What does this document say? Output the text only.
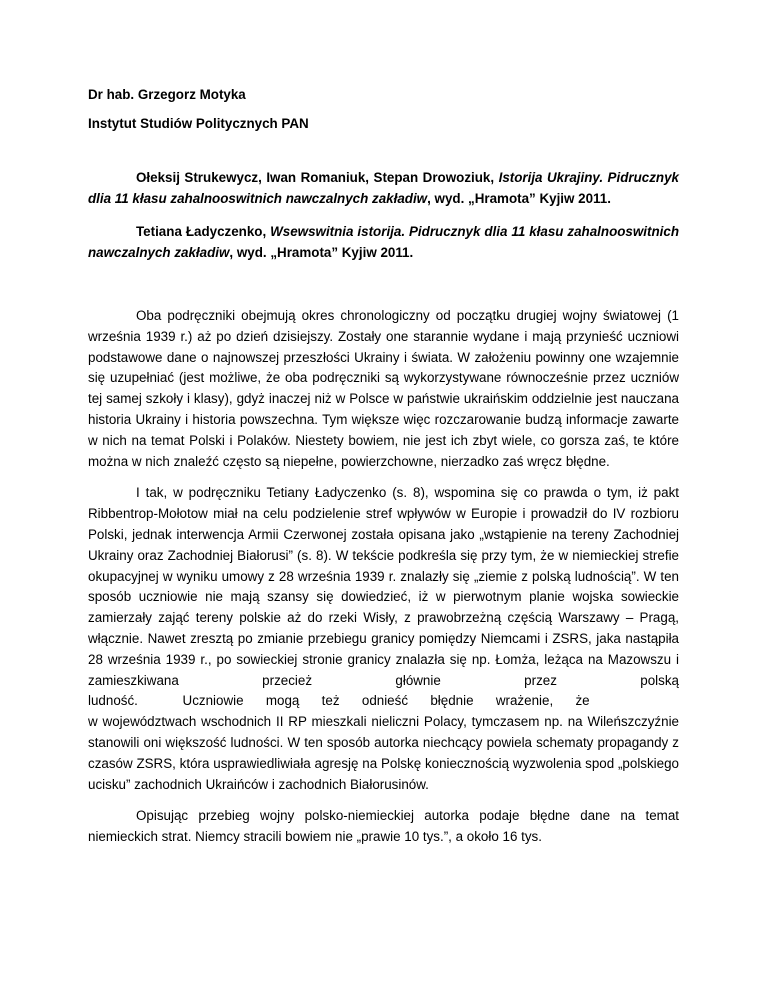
Dr hab. Grzegorz Motyka

Instytut Studiów Politycznych PAN

Ołeksij Strukewycz, Iwan Romaniuk, Stepan Drowoziuk, Istorija Ukrajiny. Pidrucznyk dlia 11 kłasu zahalnooswitnich nawczalnych zakładiw, wyd. „Hramota” Kyjiw 2011.

Tetiana Ładyczenko, Wsewswitnia istorija. Pidrucznyk dlia 11 kłasu zahalnooswitnich nawczalnych zakładiw, wyd. „Hramota” Kyjiw 2011.

Oba podręczniki obejmują okres chronologiczny od początku drugiej wojny światowej (1 września 1939 r.) aż po dzień dzisiejszy. Zostały one starannie wydane i mają przynieść uczniowi podstawowe dane o najnowszej przeszłości Ukrainy i świata. W założeniu powinny one wzajemnie się uzupełniać (jest możliwe, że oba podręczniki są wykorzystywane równocześnie przez uczniów tej samej szkoły i klasy), gdyż inaczej niż w Polsce w państwie ukraińskim oddzielnie jest nauczana historia Ukrainy i historia powszechna. Tym większe więc rozczarowanie budzą informacje zawarte w nich na temat Polski i Polaków. Niestety bowiem, nie jest ich zbyt wiele, co gorsza zaś, te które można w nich znaleźć często są niepełne, powierzchowne, nierzadko zaś wręcz błędne.

I tak, w podręczniku Tetiany Ładyczenko (s. 8), wspomina się co prawda o tym, iż pakt Ribbentrop-Mołotow miał na celu podzielenie stref wpływów w Europie i prowadził do IV rozbioru Polski, jednak interwencja Armii Czerwonej została opisana jako „wstąpienie na tereny Zachodniej Ukrainy oraz Zachodniej Białorusi” (s. 8). W tekście podkreśla się przy tym, że w niemieckiej strefie okupacyjnej w wyniku umowy z 28 września 1939 r. znalazły się „ziemie z polską ludnością”. W ten sposób uczniowie nie mają szansy się dowiedzieć, iż w pierwotnym planie wojska sowieckie zamierzały zająć tereny polskie aż do rzeki Wisły, z prawobrzeżną częścią Warszawy – Pragą, włącznie. Nawet zresztą po zmianie przebiegu granicy pomiędzy Niemcami i ZSRS, jaka nastąpiła 28 września 1939 r., po sowieckiej stronie granicy znalazła się np. Łomża, leżąca na Mazowszu i zamieszkiwana przecież głównie przez polską
ludność.            Uczniowie      mogą      też      odnieść      błędnie      wrażenie,      że
w województwach wschodnich II RP mieszkali nieliczni Polacy, tymczasem np. na Wileńszczyźnie stanowili oni większość ludności. W ten sposób autorka niechcący powiela schematy propagandy z czasów ZSRS, która usprawiedliwiała agresję na Polskę koniecznością wyzwolenia spod „polskiego ucisku” zachodnich Ukraińców i zachodnich Białorusinów.

Opisując przebieg wojny polsko-niemieckiej autorka podaje błędne dane na temat niemieckich strat. Niemcy stracili bowiem nie „prawie 10 tys.”, a około 16 tys.
